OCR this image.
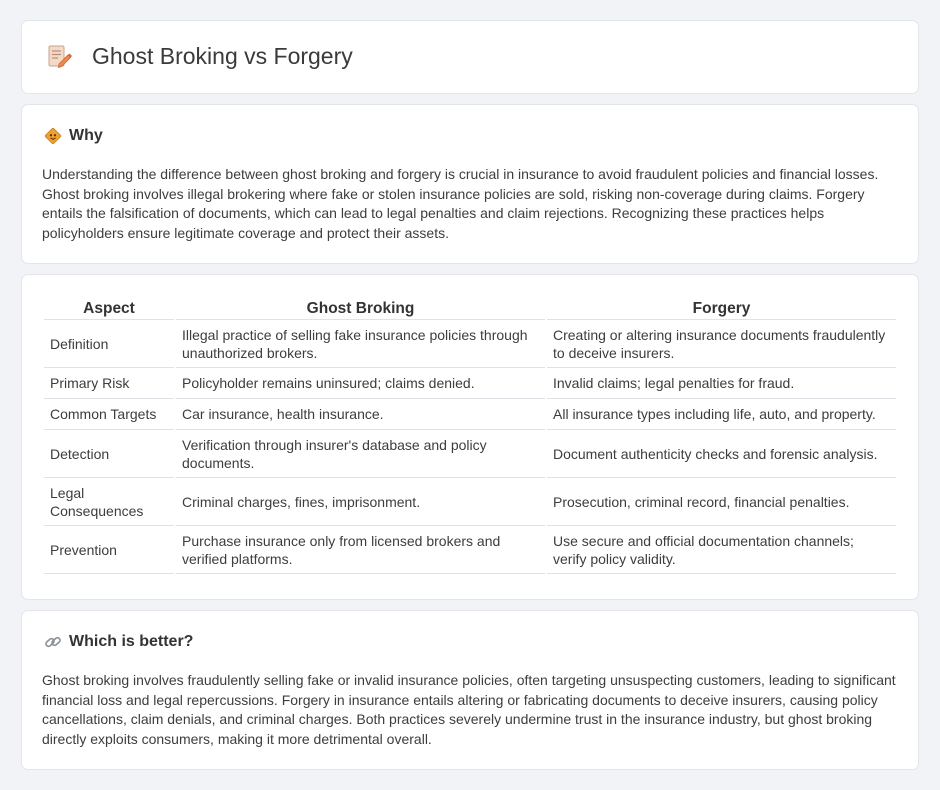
Ghost Broking vs Forgery
Why

Understanding the difference between ghost broking and forgery is crucial in insurance to avoid fraudulent policies and financial losses. Ghost broking involves illegal brokering where fake or stolen insurance policies are sold, risking non-coverage during claims. Forgery entails the falsification of documents, which can lead to legal penalties and claim rejections. Recognizing these practices helps policyholders ensure legitimate coverage and protect their assets.

Aspect	Ghost Broking	Forgery
Definition	Illegal practice of selling fake insurance policies through unauthorized brokers.	Creating or altering insurance documents fraudulently to deceive insurers.
Primary Risk	Policyholder remains uninsured; claims denied.	Invalid claims; legal penalties for fraud.
Common Targets	Car insurance, health insurance.	All insurance types including life, auto, and property.
Detection	Verification through insurer's database and policy documents.	Document authenticity checks and forensic analysis.
Legal Consequences	Criminal charges, fines, imprisonment.	Prosecution, criminal record, financial penalties.
Prevention	Purchase insurance only from licensed brokers and verified platforms.	Use secure and official documentation channels; verify policy validity.
Which is better?

Ghost broking involves fraudulently selling fake or invalid insurance policies, often targeting unsuspecting customers, leading to significant financial loss and legal repercussions. Forgery in insurance entails altering or fabricating documents to deceive insurers, causing policy cancellations, claim denials, and criminal charges. Both practices severely undermine trust in the insurance industry, but ghost broking directly exploits consumers, making it more detrimental overall.
